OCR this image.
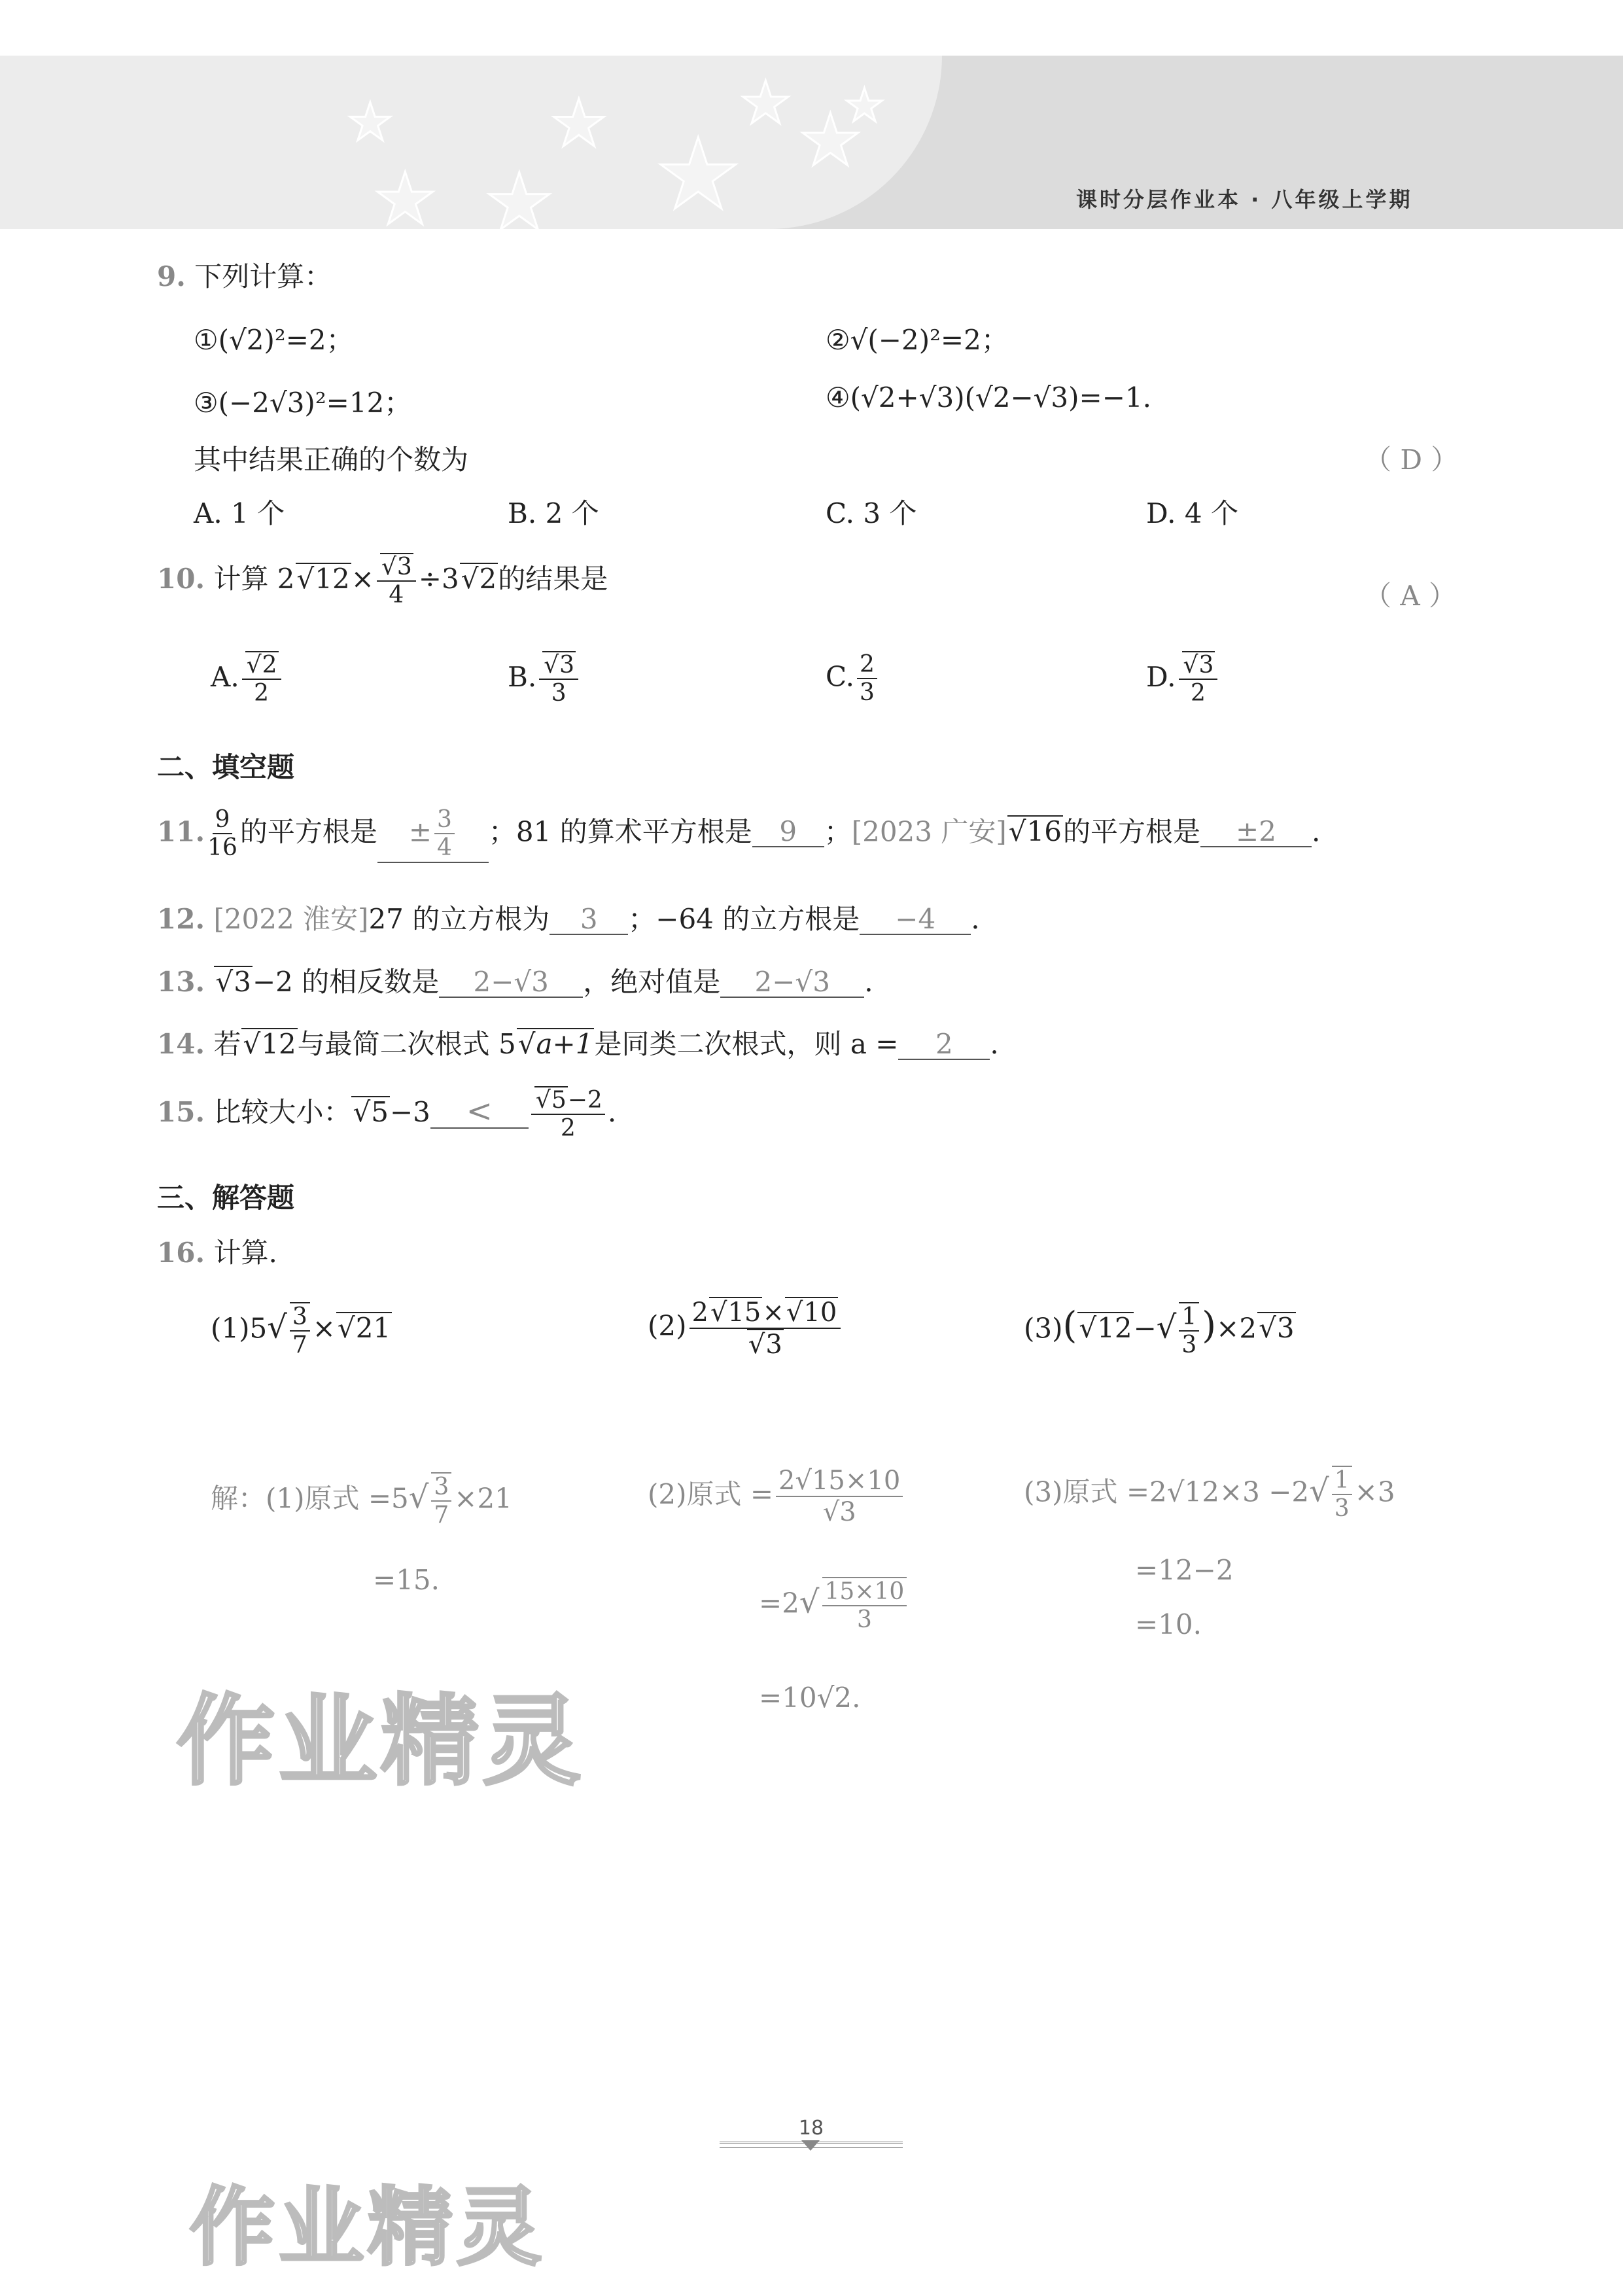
★
★ ★
★ ★
★ ★
★
课时分层作业本 · 八年级上学期
9. 下列计算：
①(√2)²=2；	②√(−2)²=2；
③(−2√3)²=12；	④(√2+√3)(√2−√3)=−1.
其中结果正确的个数为	（ D ）
A. 1 个	B. 2 个	C. 3 个	D. 4 个
10. 计算 2√ 12×
√ $\frac{3}{4} \div 3√$ 2的结果是
（ A ）
A.
√ $\frac{2}{2}$	B.
√ $\frac{3}{3}$	C. $\frac{2}{3}$	D.
√ $\frac{3}{2}$
二、填空题
11. $\frac{9}{16}$ 的平方根是 ± $\frac{3}{4}$ ；81 的算术平方根是 9 ；[2023 广安]√ 16的平方根是 ±2 .
12. [2022 淮安]27 的立方根为 3 ；−64 的立方根是 −4 .
13. √ 3−2 的相反数是 2−√3 ，绝对值是 2−√3 .
14. 若√ 12与最简二次根式 5√ a+1是同类二次根式，则 a = 2 .
15. 比较大小：√ 5−3 <
√ $\frac{5-2}{2}$ .
三、解答题
16. 计算.
$(1)5√ \frac{3}{7}$ ×√ 21	(2) 2√ 15×√ 10
√ 3	(3)(√ $12-√ \frac{1}{3} )\times 2√$ 3
解：(1)原式 $=5√ \frac{3}{7} \times 21$
=15.
(2)原式 = $\frac{2√15\times 10}{√3}$
$=2√ \frac{15\times 10}{3}$
=10√2.
(3)原式 $=2√12\times 3 -2√ \frac{1}{3} \times 3$
=12−2
=10.
作业精灵
作业精灵
18
